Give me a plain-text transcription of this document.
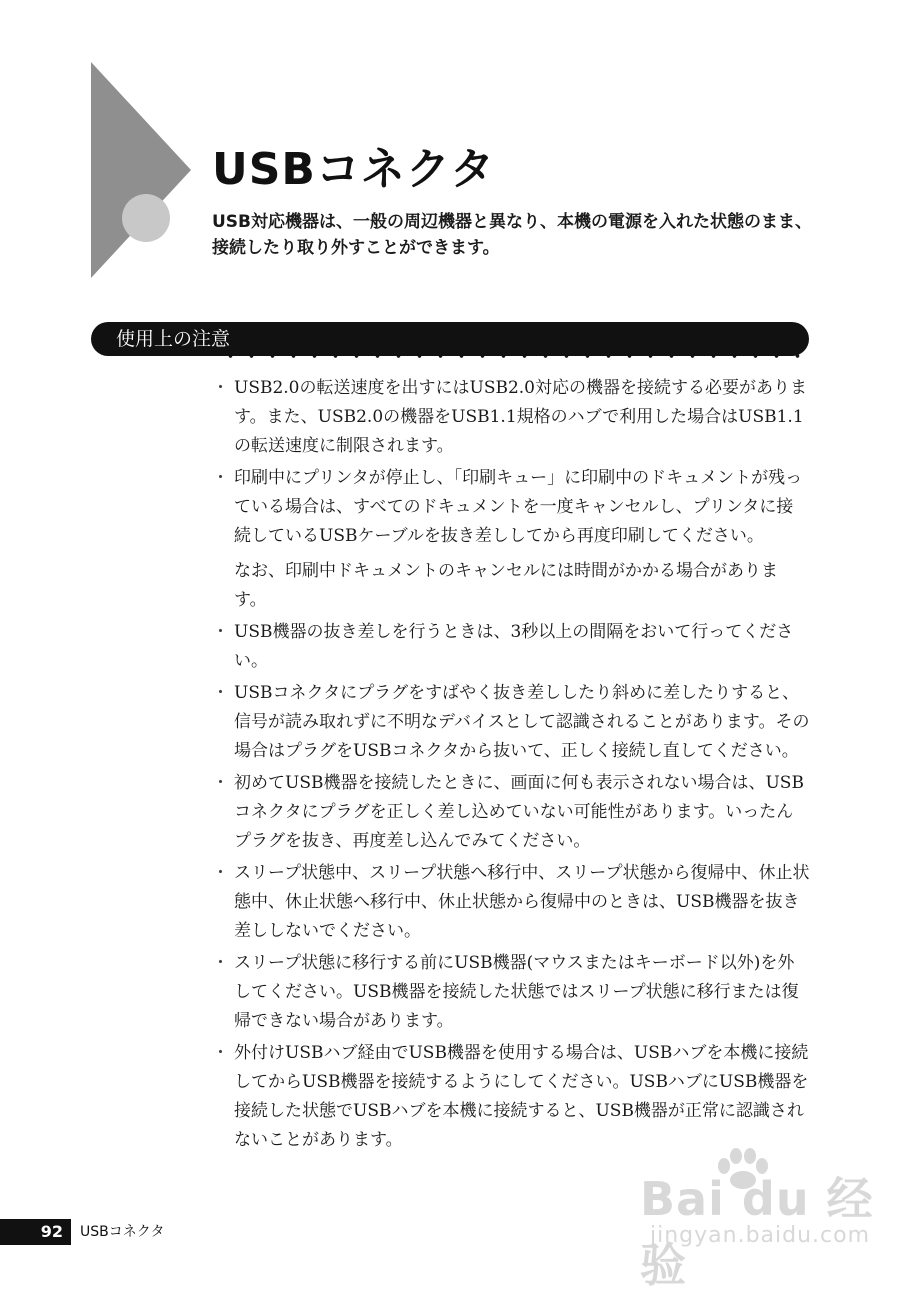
USBコネクタ

USB対応機器は、一般の周辺機器と異なり、本機の電源を入れた状態のまま、接続したり取り外すことができます。

使用上の注意
・ USB2.0の転送速度を出すにはUSB2.0対応の機器を接続する必要があります。また、USB2.0の機器をUSB1.1規格のハブで利用した場合はUSB1.1の転送速度に制限されます。
・ 印刷中にプリンタが停止し、「印刷キュー」に印刷中のドキュメントが残っている場合は、すべてのドキュメントを一度キャンセルし、プリンタに接続しているUSBケーブルを抜き差ししてから再度印刷してください。
なお、印刷中ドキュメントのキャンセルには時間がかかる場合があります。
・ USB機器の抜き差しを行うときは、3秒以上の間隔をおいて行ってください。
・ USBコネクタにプラグをすばやく抜き差ししたり斜めに差したりすると、信号が読み取れずに不明なデバイスとして認識されることがあります。その場合はプラグをUSBコネクタから抜いて、正しく接続し直してください。
・ 初めてUSB機器を接続したときに、画面に何も表示されない場合は、USBコネクタにプラグを正しく差し込めていない可能性があります。いったんプラグを抜き、再度差し込んでみてください。
・ スリープ状態中、スリープ状態へ移行中、スリープ状態から復帰中、休止状態中、休止状態へ移行中、休止状態から復帰中のときは、USB機器を抜き差ししないでください。
・ スリープ状態に移行する前にUSB機器(マウスまたはキーボード以外)を外してください。USB機器を接続した状態ではスリープ状態に移行または復帰できない場合があります。
・ 外付けUSBハブ経由でUSB機器を使用する場合は、USBハブを本機に接続してからUSB機器を接続するようにしてください。USBハブにUSB機器を接続した状態でUSBハブを本機に接続すると、USB機器が正常に認識されないことがあります。
92	USBコネクタ
Bai du 经验
jingyan.baidu.com
